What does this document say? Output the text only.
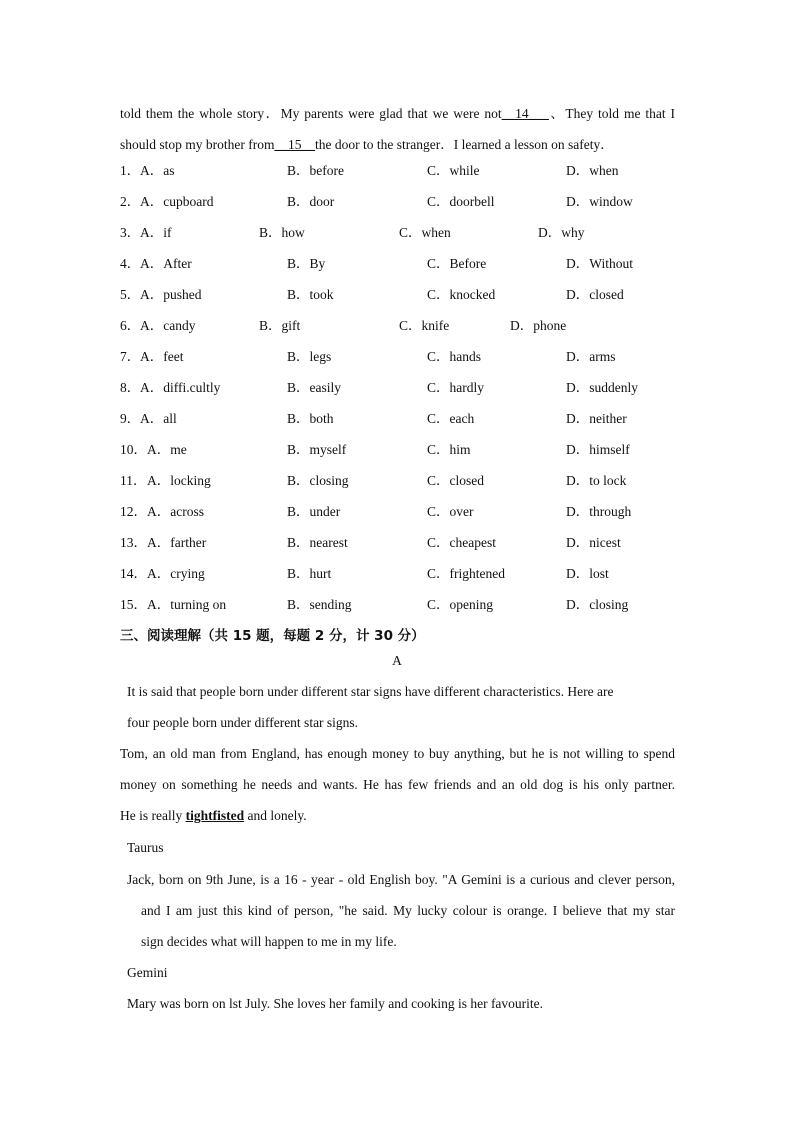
told them the whole story．My parents were glad that we were not__14___、They told me that I
should stop my brother from__15__the door to the stranger．I learned a lesson on safety．
1． A．as	B．before	C．while	D．when
2． A．cupboard	B．door	C．doorbell	D．window
3． A．if	B．how	C．when	D．why
4． A．After	B．By	C．Before	D．Without
5． A．pushed	B．took	C．knocked	D．closed
6． A．candy	B．gift	C．knife	D．phone
7． A．feet	B．legs	C．hands	D．arms
8． A．diffi.cultly	B．easily	C．hardly	D．suddenly
9． A．all	B．both	C．each	D．neither
10． A．me	B．myself	C．him	D．himself
11． A．locking	B．closing	C．closed	D．to lock
12． A．across	B．under	C．over	D．through
13． A．farther	B．nearest	C．cheapest	D．nicest
14． A．crying	B．hurt	C．frightened	D．lost
15． A．turning on	B．sending	C．opening	D．closing
三、阅读理解（共 15 题，每题 2 分，计 30 分）
A
It is said that people born under different star signs have different characteristics. Here are
four people born under different star signs.
Tom, an old man from England, has enough money to buy anything, but he is not willing to spend
money on something he needs and wants. He has few friends and an old dog is his only partner.
He is really tightfisted and lonely.
Taurus
Jack, born on 9th June, is a 16 - year - old English boy. "A Gemini is a curious and clever person,
and I am just this kind of person, "he said. My lucky colour is orange. I believe that my star
sign decides what will happen to me in my life.
Gemini
Mary was born on lst July. She loves her family and cooking is her favourite.
